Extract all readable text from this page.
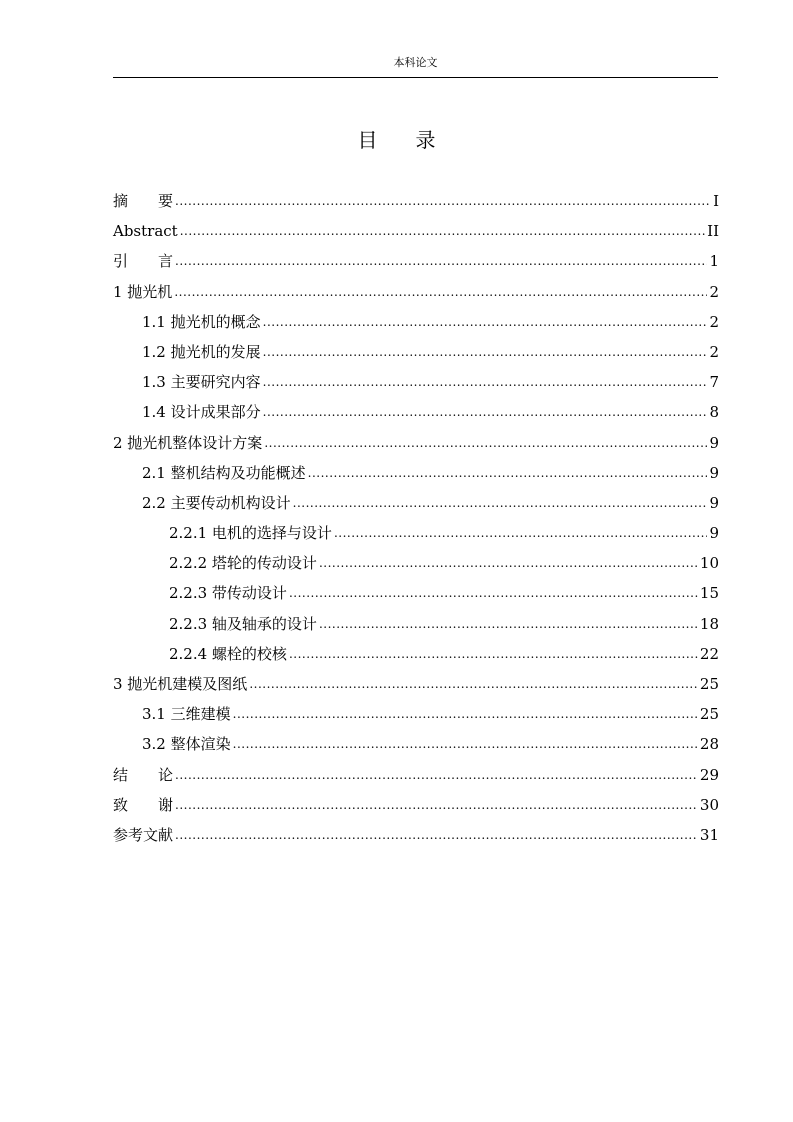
本科论文
目 录
摘 要 .....	I
Abstract .....	II
引 言 .....	1
1 抛光机 .....	2
1.1 抛光机的概念 .....	2
1.2 抛光机的发展 .....	2
1.3 主要研究内容 .....	7
1.4 设计成果部分 .....	8
2 抛光机整体设计方案 .....	9
2.1 整机结构及功能概述 .....	9
2.2 主要传动机构设计 .....	9
2.2.1 电机的选择与设计 .....	9
2.2.2 塔轮的传动设计 .....	10
2.2.3 带传动设计 .....	15
2.2.3 轴及轴承的设计 .....	18
2.2.4 螺栓的校核 .....	22
3 抛光机建模及图纸 .....	25
3.1 三维建模 .....	25
3.2 整体渲染 .....	28
结 论 .....	29
致 谢 .....	30
参考文献 .....	31
